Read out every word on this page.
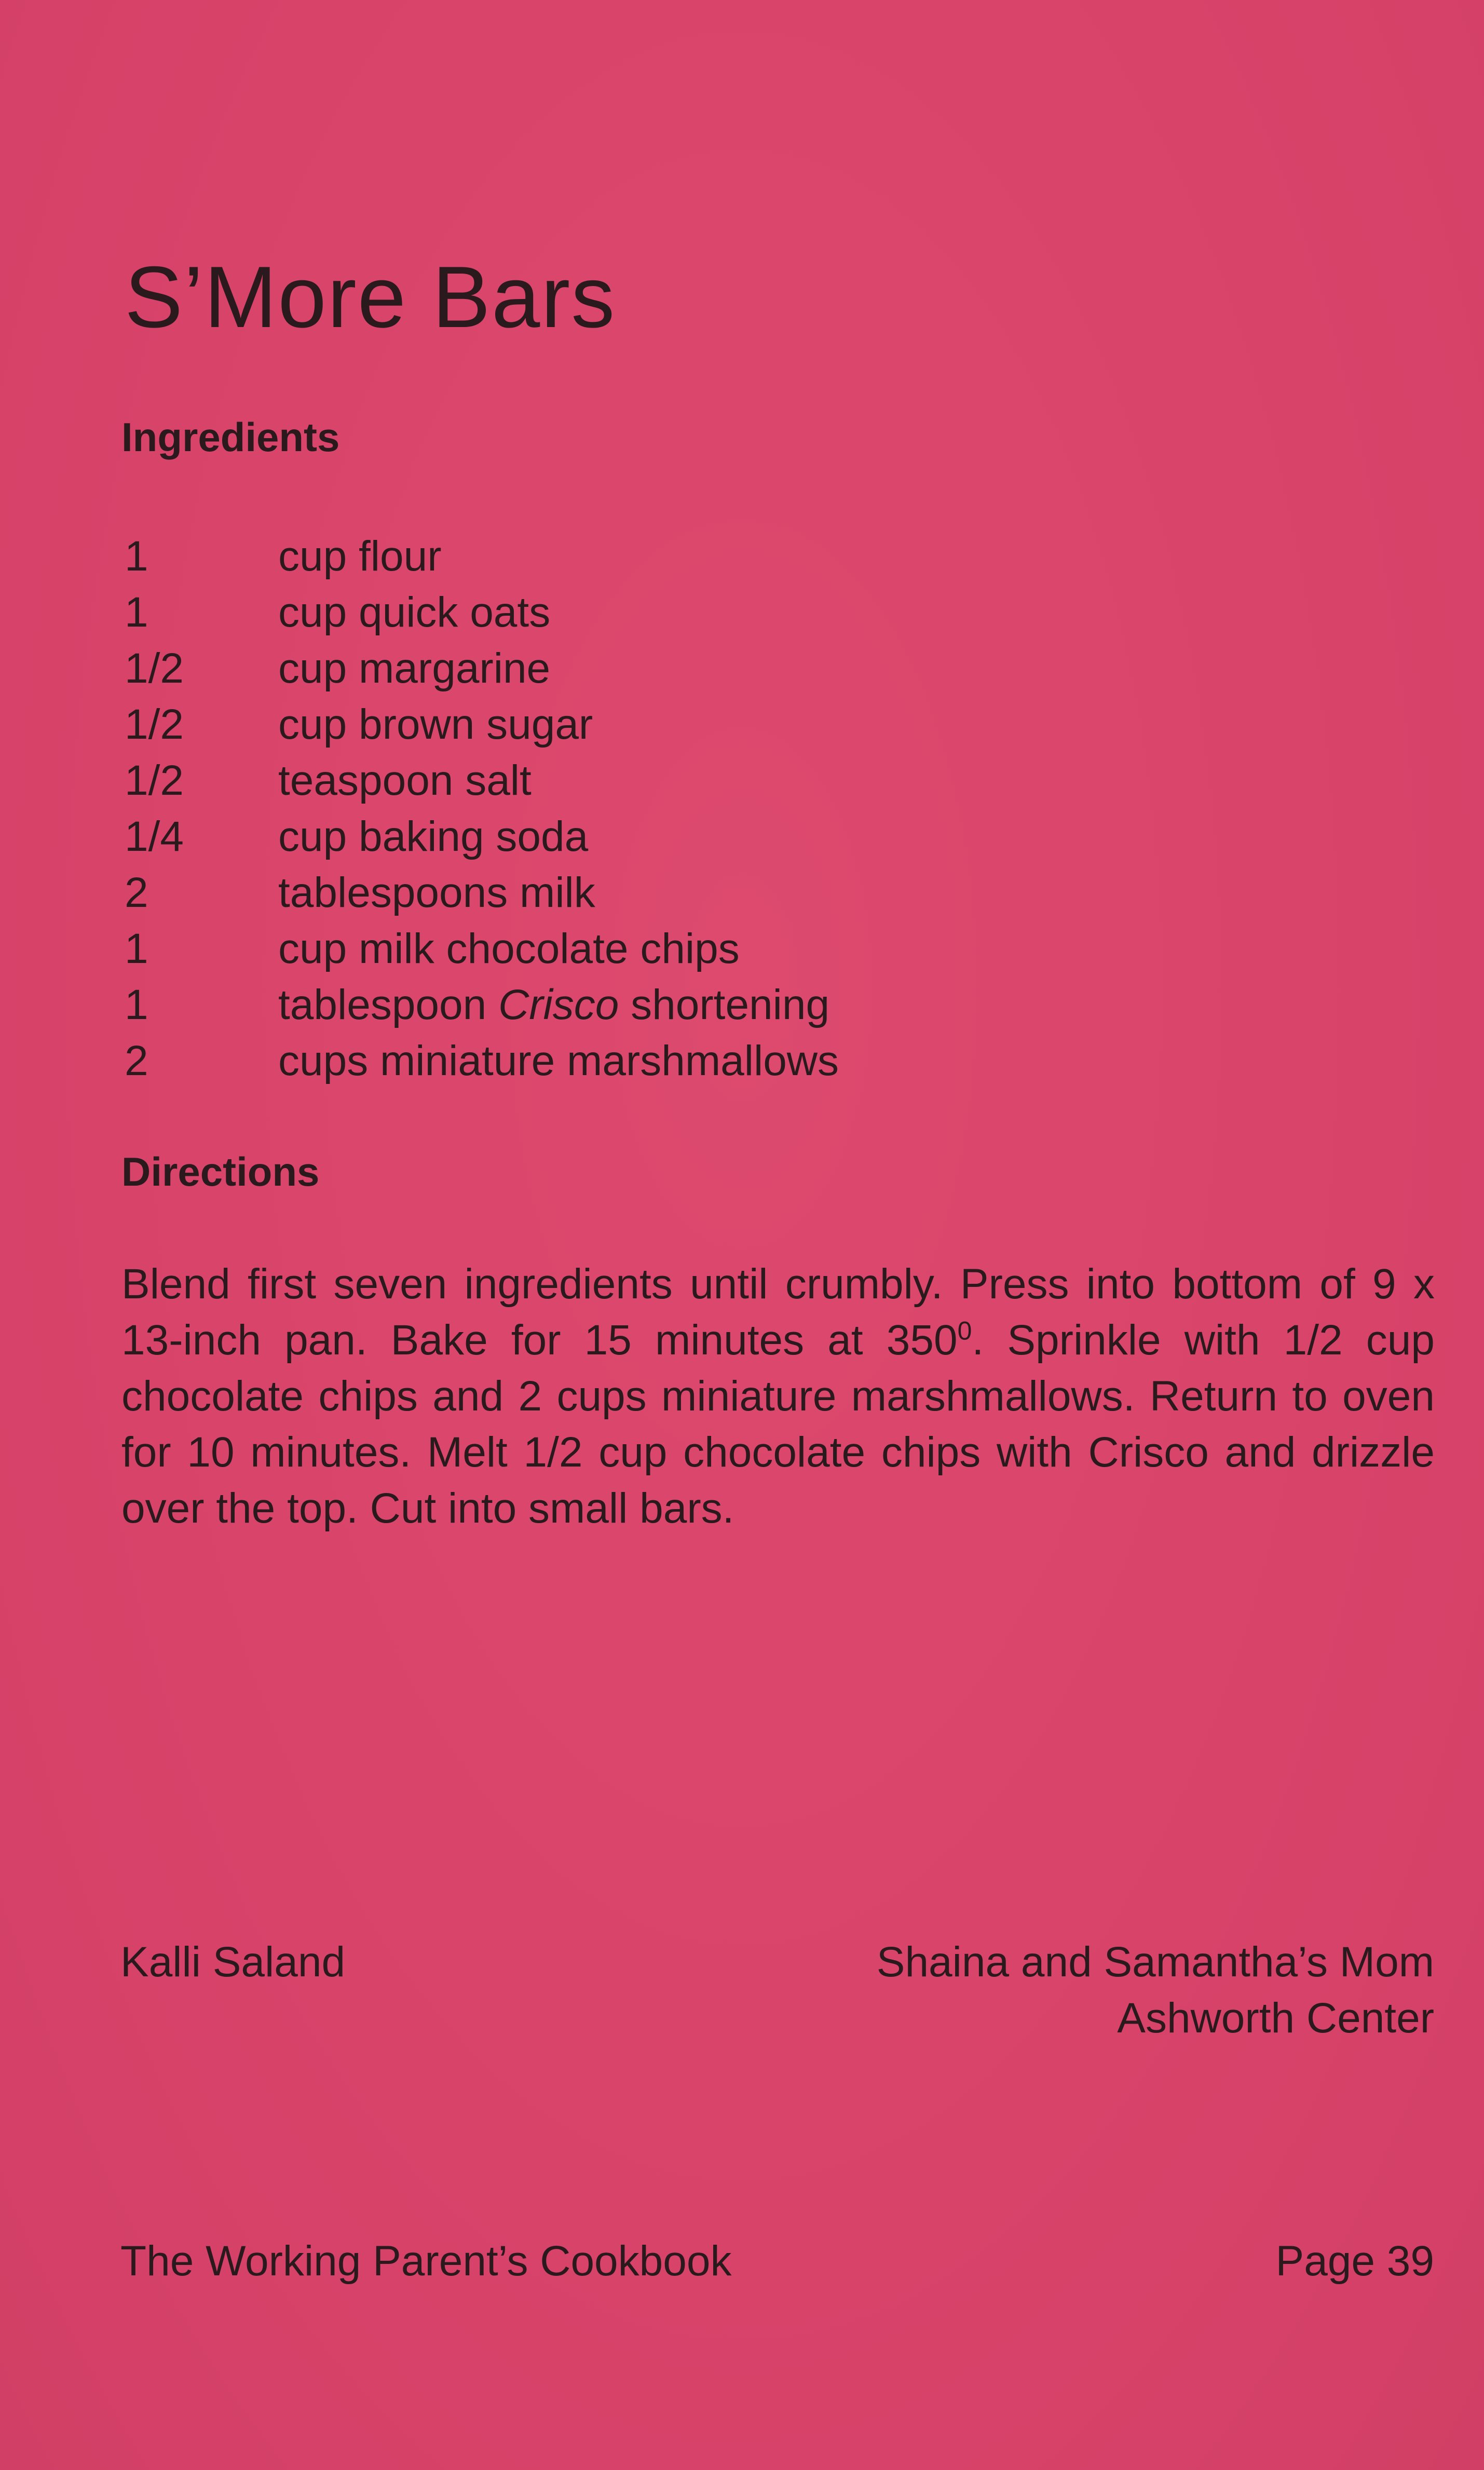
S’More Bars
Ingredients
1	cup flour
1	cup quick oats
1/2	cup margarine
1/2	cup brown sugar
1/2	teaspoon salt
1/4	cup baking soda
2	tablespoons milk
1	cup milk chocolate chips
1	tablespoon Crisco shortening
2	cups miniature marshmallows
Directions

Blend first seven ingredients until crumbly. Press into bottom of 9 x 13-inch pan. Bake for 15 minutes at $350^0$. Sprinkle with 1/2 cup chocolate chips and 2 cups miniature marshmallows. Return to oven for 10 minutes. Melt 1/2 cup chocolate chips with Crisco and drizzle over the top. Cut into small bars.

Kalli Saland	Shaina and Samantha’s Mom
Ashworth Center
The Working Parent’s Cookbook	Page 39
